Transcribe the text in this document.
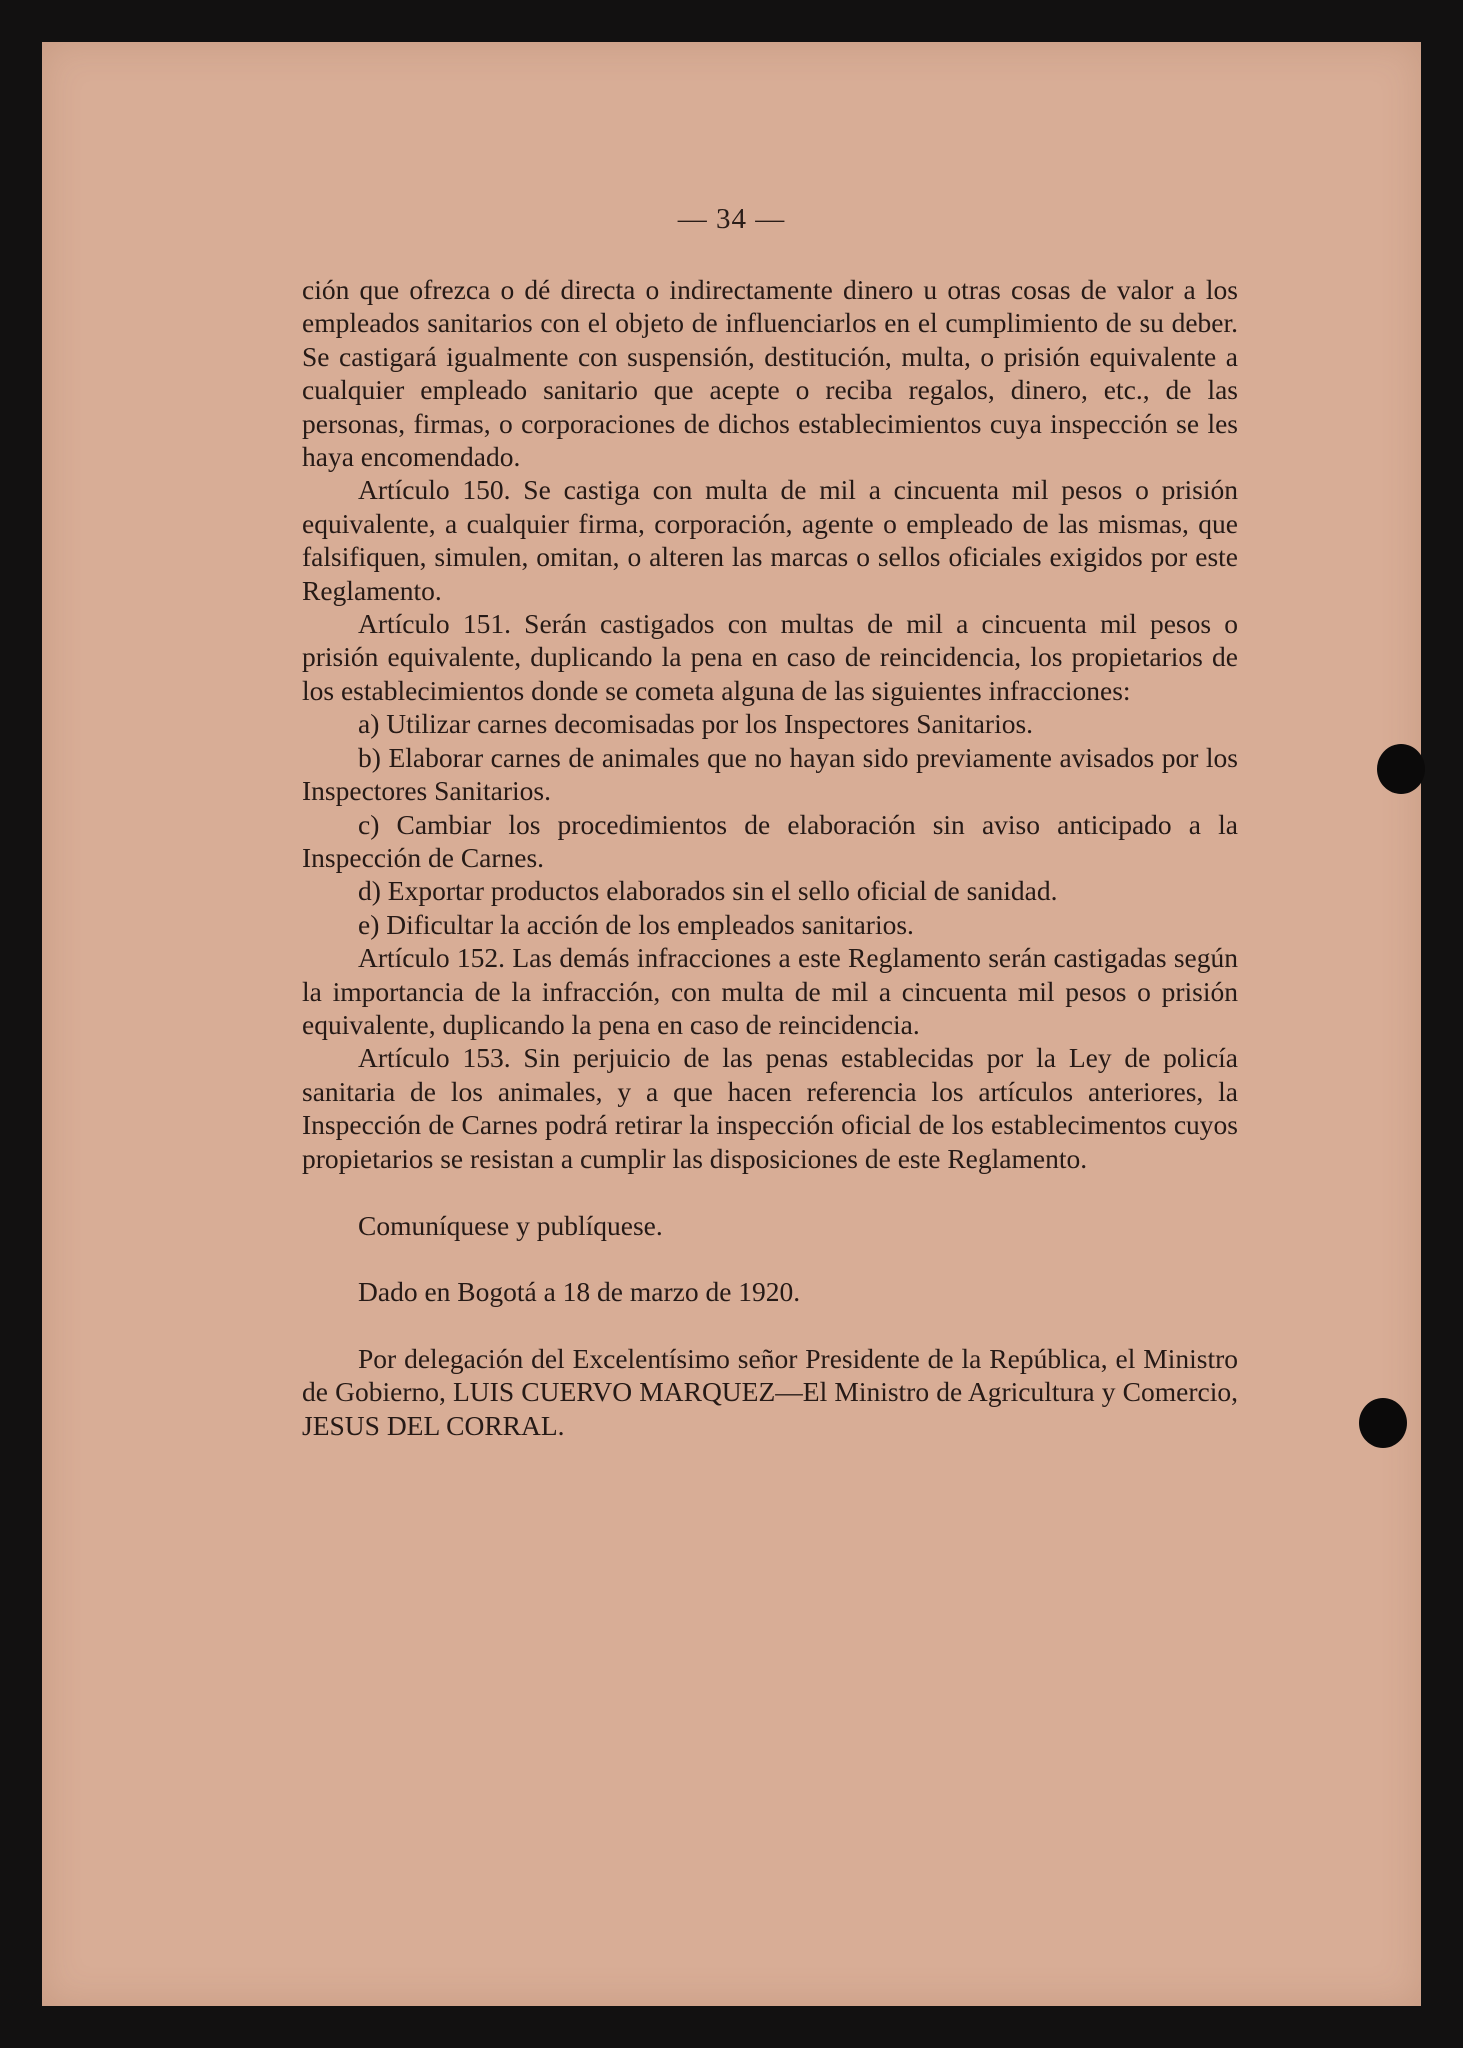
— 34 —

ción que ofrezca o dé directa o indirectamente dinero u otras cosas de valor a los empleados sanitarios con el objeto de influenciarlos en el cumplimiento de su deber. Se castigará igualmente con suspensión, destitución, multa, o prisión equivalente a cualquier empleado sanitario que acepte o reciba regalos, dinero, etc., de las personas, firmas, o corporaciones de dichos establecimientos cuya inspección se les haya encomendado.

Artículo 150. Se castiga con multa de mil a cincuenta mil pesos o prisión equivalente, a cualquier firma, corporación, agente o empleado de las mismas, que falsifiquen, simulen, omitan, o alteren las marcas o sellos oficiales exigidos por este Reglamento.

Artículo 151. Serán castigados con multas de mil a cincuenta mil pesos o prisión equivalente, duplicando la pena en caso de reincidencia, los propietarios de los establecimientos donde se cometa alguna de las siguientes infracciones:

a) Utilizar carnes decomisadas por los Inspectores Sanitarios.

b) Elaborar carnes de animales que no hayan sido previamente avisados por los Inspectores Sanitarios.

c) Cambiar los procedimientos de elaboración sin aviso anticipado a la Inspección de Carnes.

d) Exportar productos elaborados sin el sello oficial de sanidad.

e) Dificultar la acción de los empleados sanitarios.

Artículo 152. Las demás infracciones a este Reglamento serán castigadas según la importancia de la infracción, con multa de mil a cincuenta mil pesos o prisión equivalente, duplicando la pena en caso de reincidencia.

Artículo 153. Sin perjuicio de las penas establecidas por la Ley de policía sanitaria de los animales, y a que hacen referencia los artículos anteriores, la Inspección de Carnes podrá retirar la inspección oficial de los establecimentos cuyos propietarios se resistan a cumplir las disposiciones de este Reglamento.

Comuníquese y publíquese.

Dado en Bogotá a 18 de marzo de 1920.

Por delegación del Excelentísimo señor Presidente de la República, el Ministro de Gobierno, LUIS CUERVO MARQUEZ—El Ministro de Agricultura y Comercio, JESUS DEL CORRAL.
